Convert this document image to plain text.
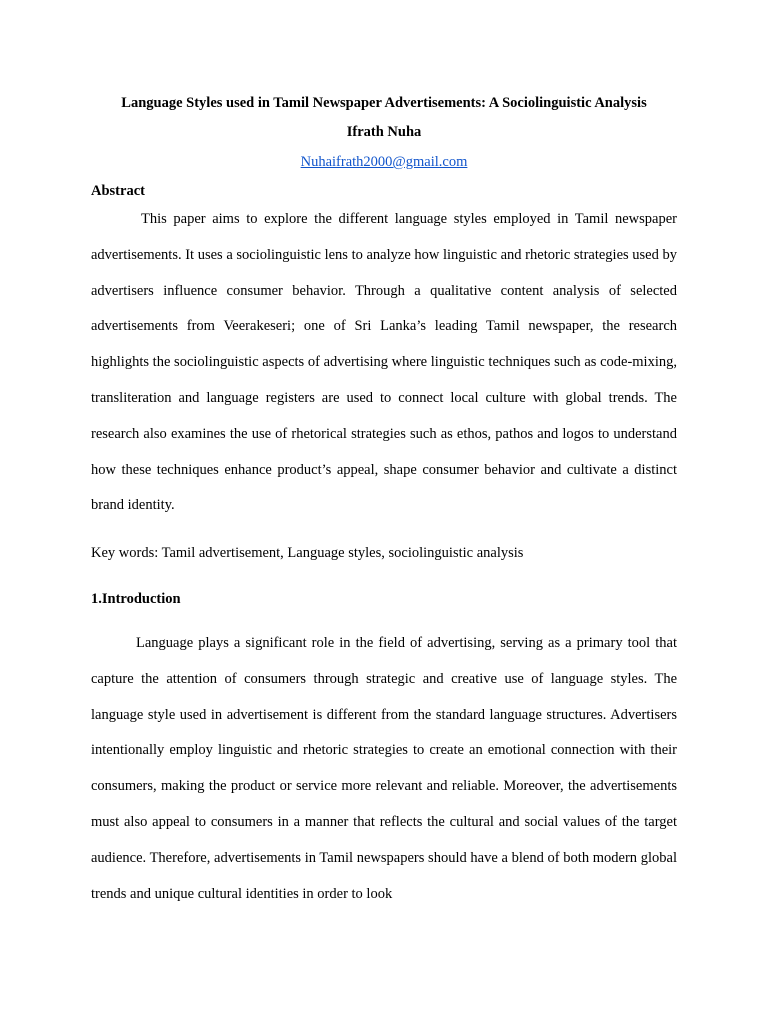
Language Styles used in Tamil Newspaper Advertisements: A Sociolinguistic Analysis
Ifrath Nuha
Nuhaifrath2000@gmail.com
Abstract

This paper aims to explore the different language styles employed in Tamil newspaper advertisements. It uses a sociolinguistic lens to analyze how linguistic and rhetoric strategies used by advertisers influence consumer behavior. Through a qualitative content analysis of selected advertisements from Veerakeseri; one of Sri Lanka’s leading Tamil newspaper, the research highlights the sociolinguistic aspects of advertising where linguistic techniques such as code-mixing, transliteration and language registers are used to connect local culture with global trends. The research also examines the use of rhetorical strategies such as ethos, pathos and logos to understand how these techniques enhance product’s appeal, shape consumer behavior and cultivate a distinct brand identity.

Key words: Tamil advertisement, Language styles, sociolinguistic analysis
1.Introduction

Language plays a significant role in the field of advertising, serving as a primary tool that capture the attention of consumers through strategic and creative use of language styles. The language style used in advertisement is different from the standard language structures. Advertisers intentionally employ linguistic and rhetoric strategies to create an emotional connection with their consumers, making the product or service more relevant and reliable. Moreover, the advertisements must also appeal to consumers in a manner that reflects the cultural and social values of the target audience. Therefore, advertisements in Tamil newspapers should have a blend of both modern global trends and unique cultural identities in order to look
